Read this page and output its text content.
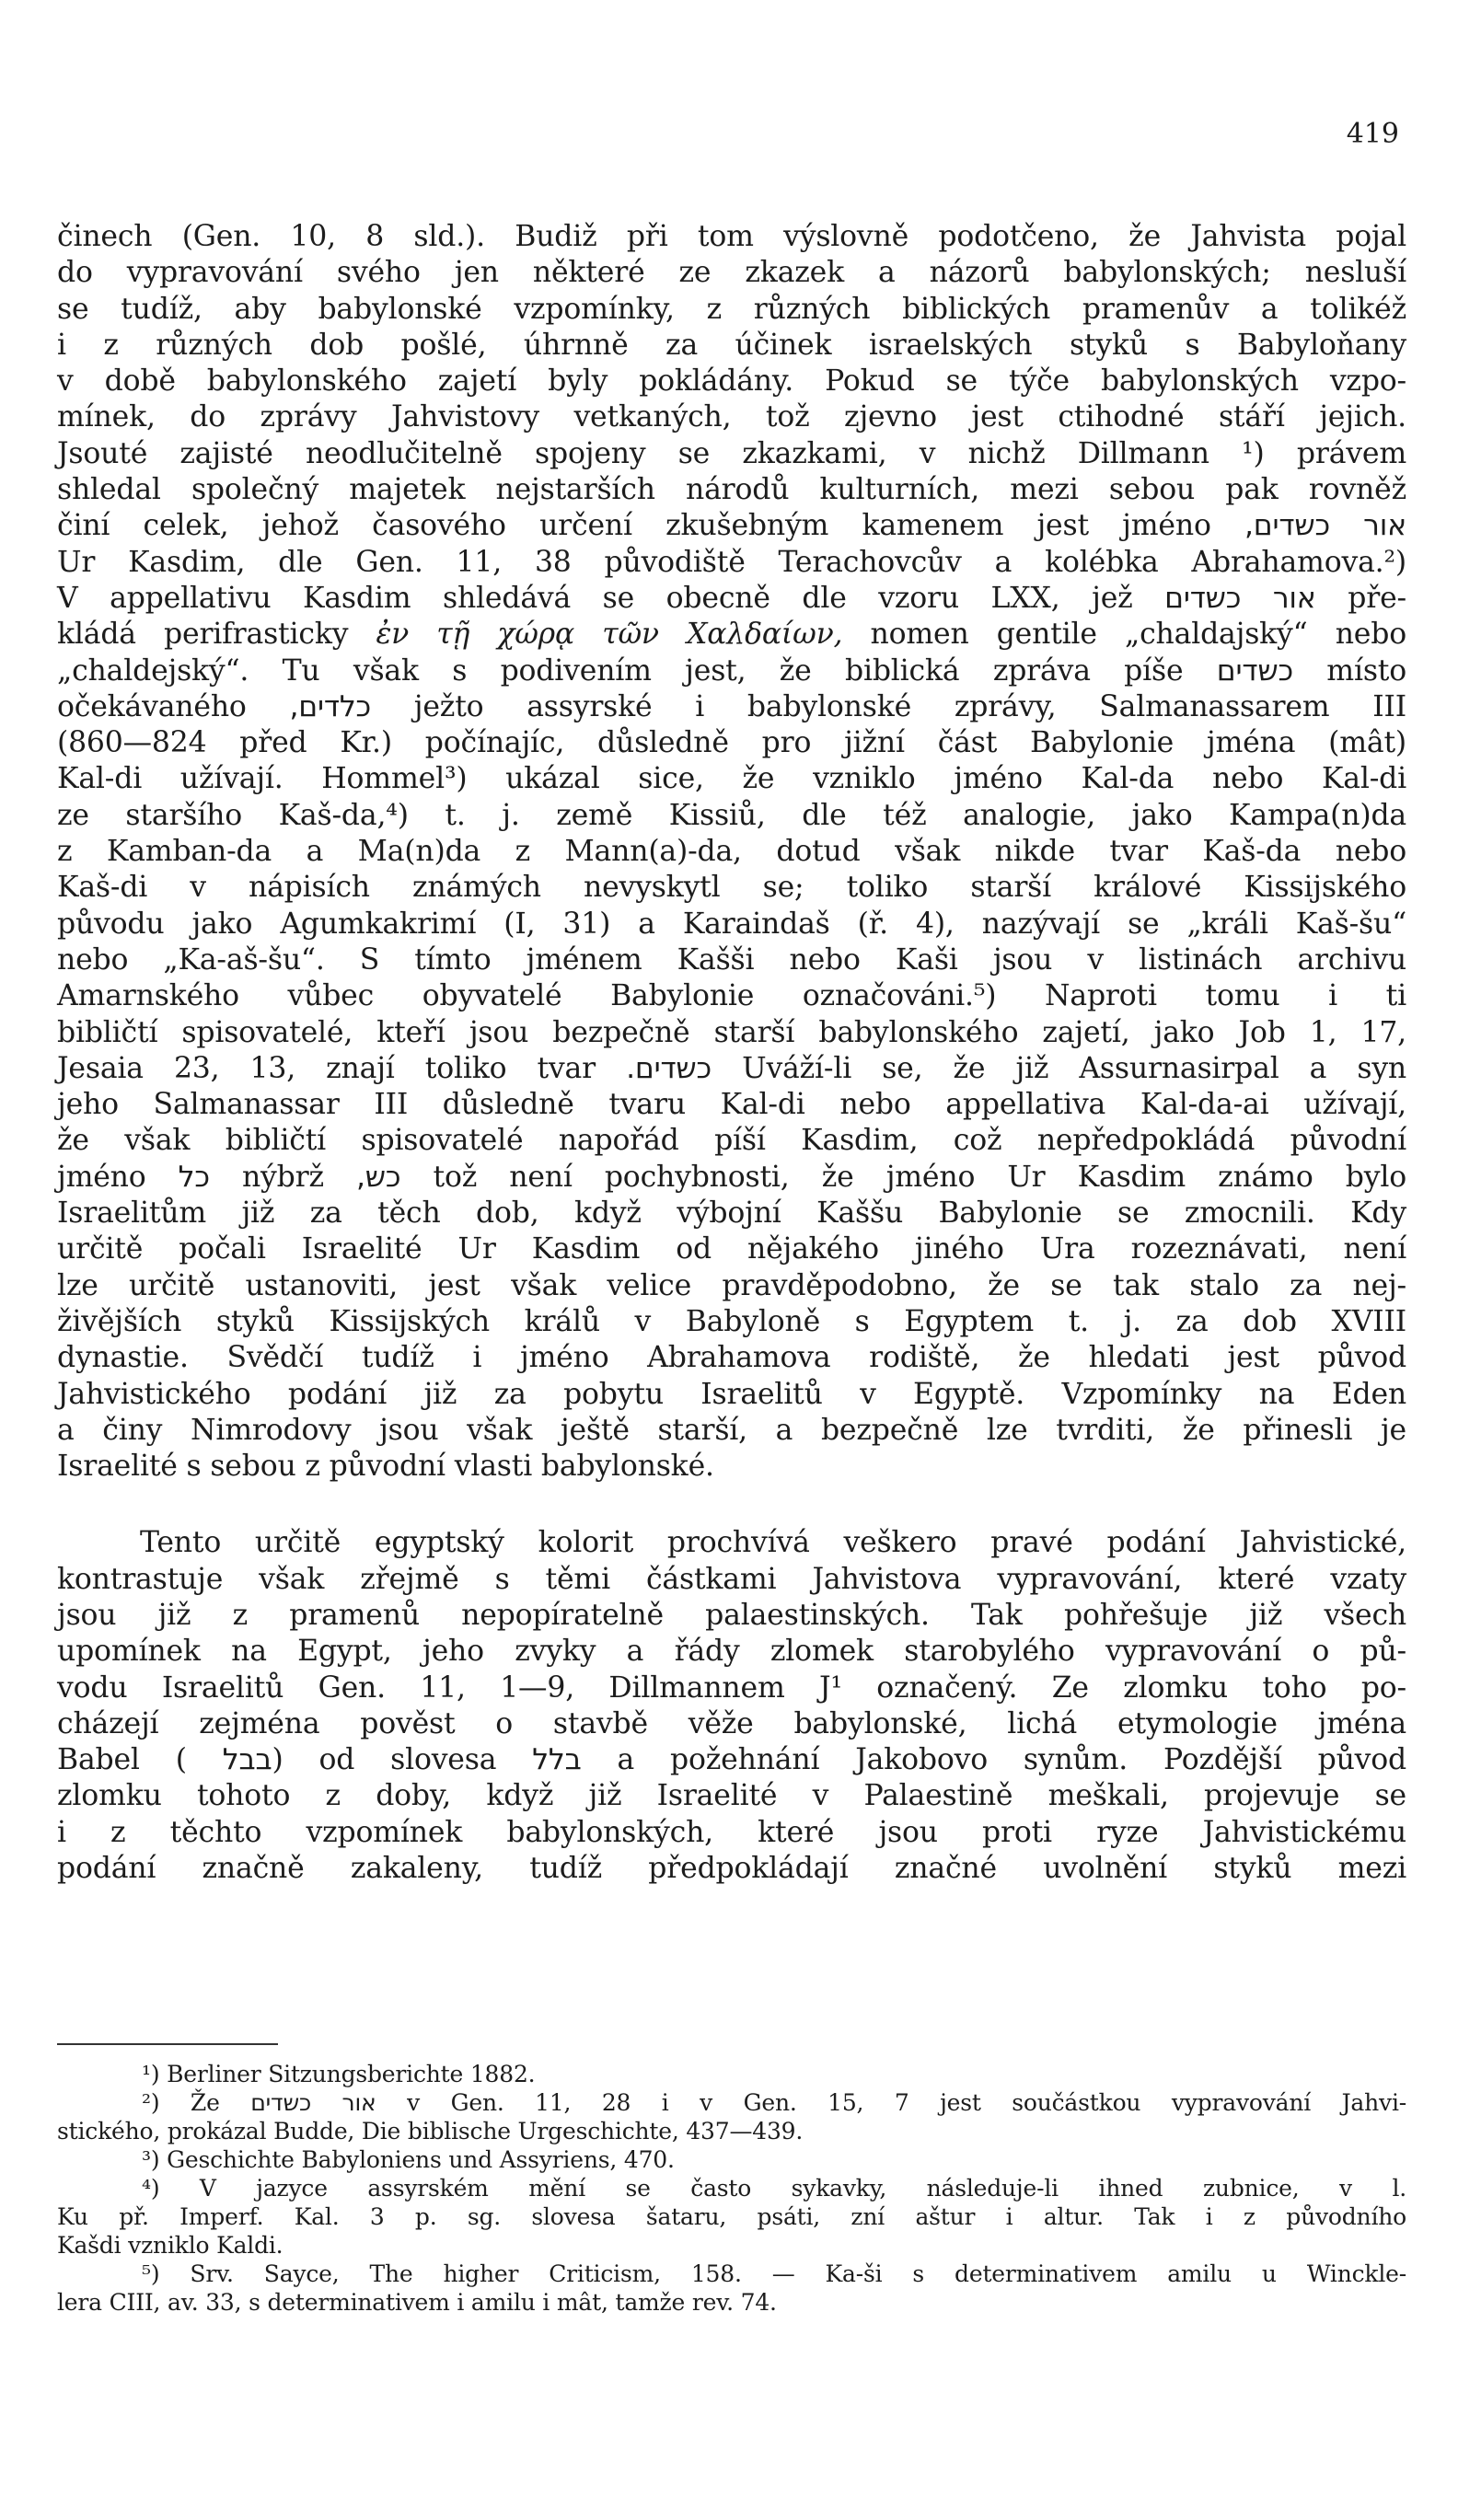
419
činech (Gen. 10, 8 sld.). Budiž při tom výslovně podotčeno, že Jahvista pojal
do vypravování svého jen některé ze zkazek a názorů babylonských; nesluší
se tudíž, aby babylonské vzpomínky, z různých biblických pramenův a tolikéž
i z různých dob pošlé, úhrnně za účinek israelských styků s Babyloňany
v době babylonského zajetí byly pokládány. Pokud se týče babylonských vzpo-
mínek, do zprávy Jahvistovy vetkaných, tož zjevno jest ctihodné stáří jejich.
Jsouté zajisté neodlučitelně spojeny se zkazkami, v nichž Dillmann ¹) právem
shledal společný majetek nejstarších národů kulturních, mezi sebou pak rovněž
činí celek, jehož časového určení zkušebným kamenem jest jméno אור כשדים,
Ur Kasdim, dle Gen. 11, 38 původiště Terachovcův a kolébka Abrahamova.²)
V appellativu Kasdim shledává se obecně dle vzoru LXX, jež אור כשדים pře-
kládá perifrasticky ἐν τῇ χώρᾳ τῶν Χαλδαίων, nomen gentile „chaldajský“ nebo
„chaldejský“. Tu však s podivením jest, že biblická zpráva píše כשדים místo
očekávaného כלדים, ježto assyrské i babylonské zprávy, Salmanassarem III
(860—824 před Kr.) počínajíc, důsledně pro jižní část Babylonie jména (mât)
Kal-di užívají. Hommel³) ukázal sice, že vzniklo jméno Kal-da nebo Kal-di
ze staršího Kaš-da,⁴) t. j. země Kissiů, dle též analogie, jako Kampa(n)da
z Kamban-da a Ma(n)da z Mann(a)-da, dotud však nikde tvar Kaš-da nebo
Kaš-di v nápisích známých nevyskytl se; toliko starší králové Kissijského
původu jako Agumkakrimí (I, 31) a Karaindaš (ř. 4), nazývají se „králi Kaš-šu“
nebo „Ka-aš-šu“. S tímto jménem Kašši nebo Kaši jsou v listinách archivu
Amarnského vůbec obyvatelé Babylonie označováni.⁵) Naproti tomu i ti
bibličtí spisovatelé, kteří jsou bezpečně starší babylonského zajetí, jako Job 1, 17,
Jesaia 23, 13, znají toliko tvar כשדים. Uváží-li se, že již Assurnasirpal a syn
jeho Salmanassar III důsledně tvaru Kal-di nebo appellativa Kal-da-ai užívají,
že však bibličtí spisovatelé napořád píší Kasdim, což nepředpokládá původní
jméno כל nýbrž כש, tož není pochybnosti, že jméno Ur Kasdim známo bylo
Israelitům již za těch dob, když výbojní Kaššu Babylonie se zmocnili. Kdy
určitě počali Israelité Ur Kasdim od nějakého jiného Ura rozeznávati, není
lze určitě ustanoviti, jest však velice pravděpodobno, že se tak stalo za nej-
živějších styků Kissijských králů v Babyloně s Egyptem t. j. za dob XVIII
dynastie. Svědčí tudíž i jméno Abrahamova rodiště, že hledati jest původ
Jahvistického podání již za pobytu Israelitů v Egyptě. Vzpomínky na Eden
a činy Nimrodovy jsou však ještě starší, a bezpečně lze tvrditi, že přinesli je
Israelité s sebou z původní vlasti babylonské.
Tento určitě egyptský kolorit prochvívá veškero pravé podání Jahvistické,
kontrastuje však zřejmě s těmi částkami Jahvistova vypravování, které vzaty
jsou již z pramenů nepopíratelně palaestinských. Tak pohřešuje již všech
upomínek na Egypt, jeho zvyky a řády zlomek starobylého vypravování o pů-
vodu Israelitů Gen. 11, 1—9, Dillmannem J¹ označený. Ze zlomku toho po-
cházejí zejména pověst o stavbě věže babylonské, lichá etymologie jména
Babel ( בבל) od slovesa בלל a požehnání Jakobovo synům. Pozdější původ
zlomku tohoto z doby, když již Israelité v Palaestině meškali, projevuje se
i z těchto vzpomínek babylonských, které jsou proti ryze Jahvistickému
podání značně zakaleny, tudíž předpokládají značné uvolnění styků mezi
¹) Berliner Sitzungsberichte 1882.
²) Že אור כשדים v Gen. 11, 28 i v Gen. 15, 7 jest součástkou vypravování Jahvi-
stického, prokázal Budde, Die biblische Urgeschichte, 437—439.
³) Geschichte Babyloniens und Assyriens, 470.
⁴) V jazyce assyrském mění se často sykavky, následuje-li ihned zubnice, v l.
Ku př. Imperf. Kal. 3 p. sg. slovesa šataru, psáti, zní aštur i altur. Tak i z původního
Kašdi vzniklo Kaldi.
⁵) Srv. Sayce, The higher Criticism, 158. — Ka-ši s determinativem amilu u Winckle-
lera CIII, av. 33, s determinativem i amilu i mât, tamže rev. 74.
